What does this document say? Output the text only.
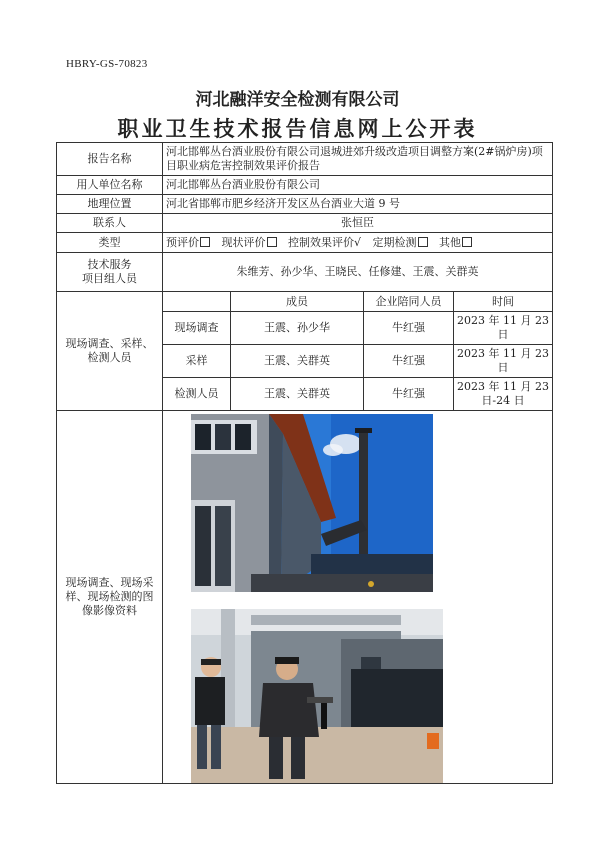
HBRY-GS-70823
河北融洋安全检测有限公司
职业卫生技术报告信息网上公开表
报告名称	河北邯郸丛台酒业股份有限公司退城进郊升级改造项目调整方案(2#锅炉房)项目职业病危害控制效果评价报告			
用人单位名称	河北邯郸丛台酒业股份有限公司			
地理位置	河北省邯郸市肥乡经济开发区丛台酒业大道 9 号			
联系人	张恒臣			
类型	预评价 现状评价 控制效果评价√ 定期检测 其他			

技术服务
项目组人员	朱维芳、孙少华、王晓民、任修建、王震、关群英			
现场调查、采样、检测人员		成员	企业陪同人员	时间
	现场调查	王震、孙少华	牛红强	2023 年 11 月 23 日
	采样	王震、关群英	牛红强	2023 年 11 月 23 日
	检测人员	王震、关群英	牛红强	2023 年 11 月 23 日-24 日
现场调查、现场采样、现场检测的图像影像资料	
